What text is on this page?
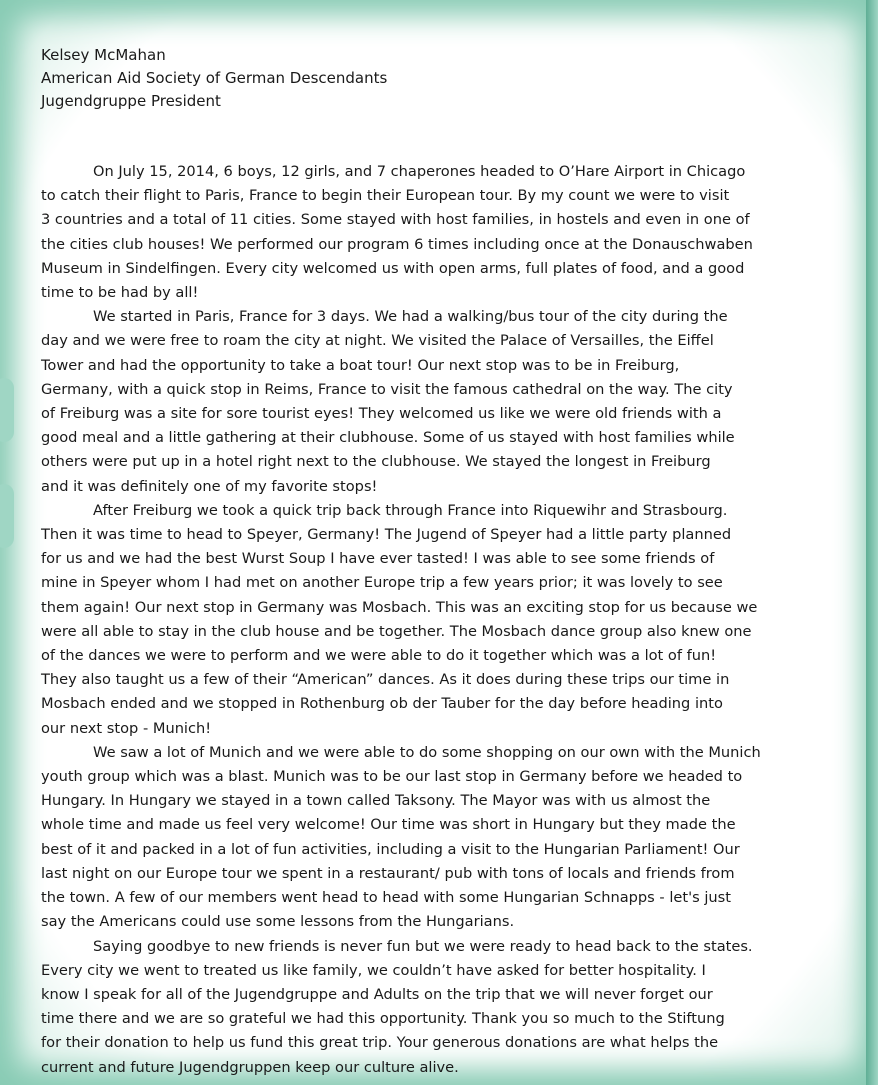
Kelsey McMahan
American Aid Society of German Descendants
Jugendgruppe President
On July 15, 2014, 6 boys, 12 girls, and 7 chaperones headed to O’Hare Airport in Chicago
to catch their flight to Paris, France to begin their European tour. By my count we were to visit
3 countries and a total of 11 cities. Some stayed with host families, in hostels and even in one of
the cities club houses! We performed our program 6 times including once at the Donauschwaben
Museum in Sindelfingen. Every city welcomed us with open arms, full plates of food, and a good
time to be had by all!
We started in Paris, France for 3 days. We had a walking/bus tour of the city during the
day and we were free to roam the city at night. We visited the Palace of Versailles, the Eiffel
Tower and had the opportunity to take a boat tour! Our next stop was to be in Freiburg,
Germany, with a quick stop in Reims, France to visit the famous cathedral on the way. The city
of Freiburg was a site for sore tourist eyes! They welcomed us like we were old friends with a
good meal and a little gathering at their clubhouse. Some of us stayed with host families while
others were put up in a hotel right next to the clubhouse. We stayed the longest in Freiburg
and it was definitely one of my favorite stops!
After Freiburg we took a quick trip back through France into Riquewihr and Strasbourg.
Then it was time to head to Speyer, Germany! The Jugend of Speyer had a little party planned
for us and we had the best Wurst Soup I have ever tasted! I was able to see some friends of
mine in Speyer whom I had met on another Europe trip a few years prior; it was lovely to see
them again! Our next stop in Germany was Mosbach. This was an exciting stop for us because we
were all able to stay in the club house and be together. The Mosbach dance group also knew one
of the dances we were to perform and we were able to do it together which was a lot of fun!
They also taught us a few of their “American” dances. As it does during these trips our time in
Mosbach ended and we stopped in Rothenburg ob der Tauber for the day before heading into
our next stop - Munich!
We saw a lot of Munich and we were able to do some shopping on our own with the Munich
youth group which was a blast. Munich was to be our last stop in Germany before we headed to
Hungary. In Hungary we stayed in a town called Taksony. The Mayor was with us almost the
whole time and made us feel very welcome! Our time was short in Hungary but they made the
best of it and packed in a lot of fun activities, including a visit to the Hungarian Parliament! Our
last night on our Europe tour we spent in a restaurant/ pub with tons of locals and friends from
the town. A few of our members went head to head with some Hungarian Schnapps - let's just
say the Americans could use some lessons from the Hungarians.
Saying goodbye to new friends is never fun but we were ready to head back to the states.
Every city we went to treated us like family, we couldn’t have asked for better hospitality. I
know I speak for all of the Jugendgruppe and Adults on the trip that we will never forget our
time there and we are so grateful we had this opportunity. Thank you so much to the Stiftung
for their donation to help us fund this great trip. Your generous donations are what helps the
current and future Jugendgruppen keep our culture alive.
